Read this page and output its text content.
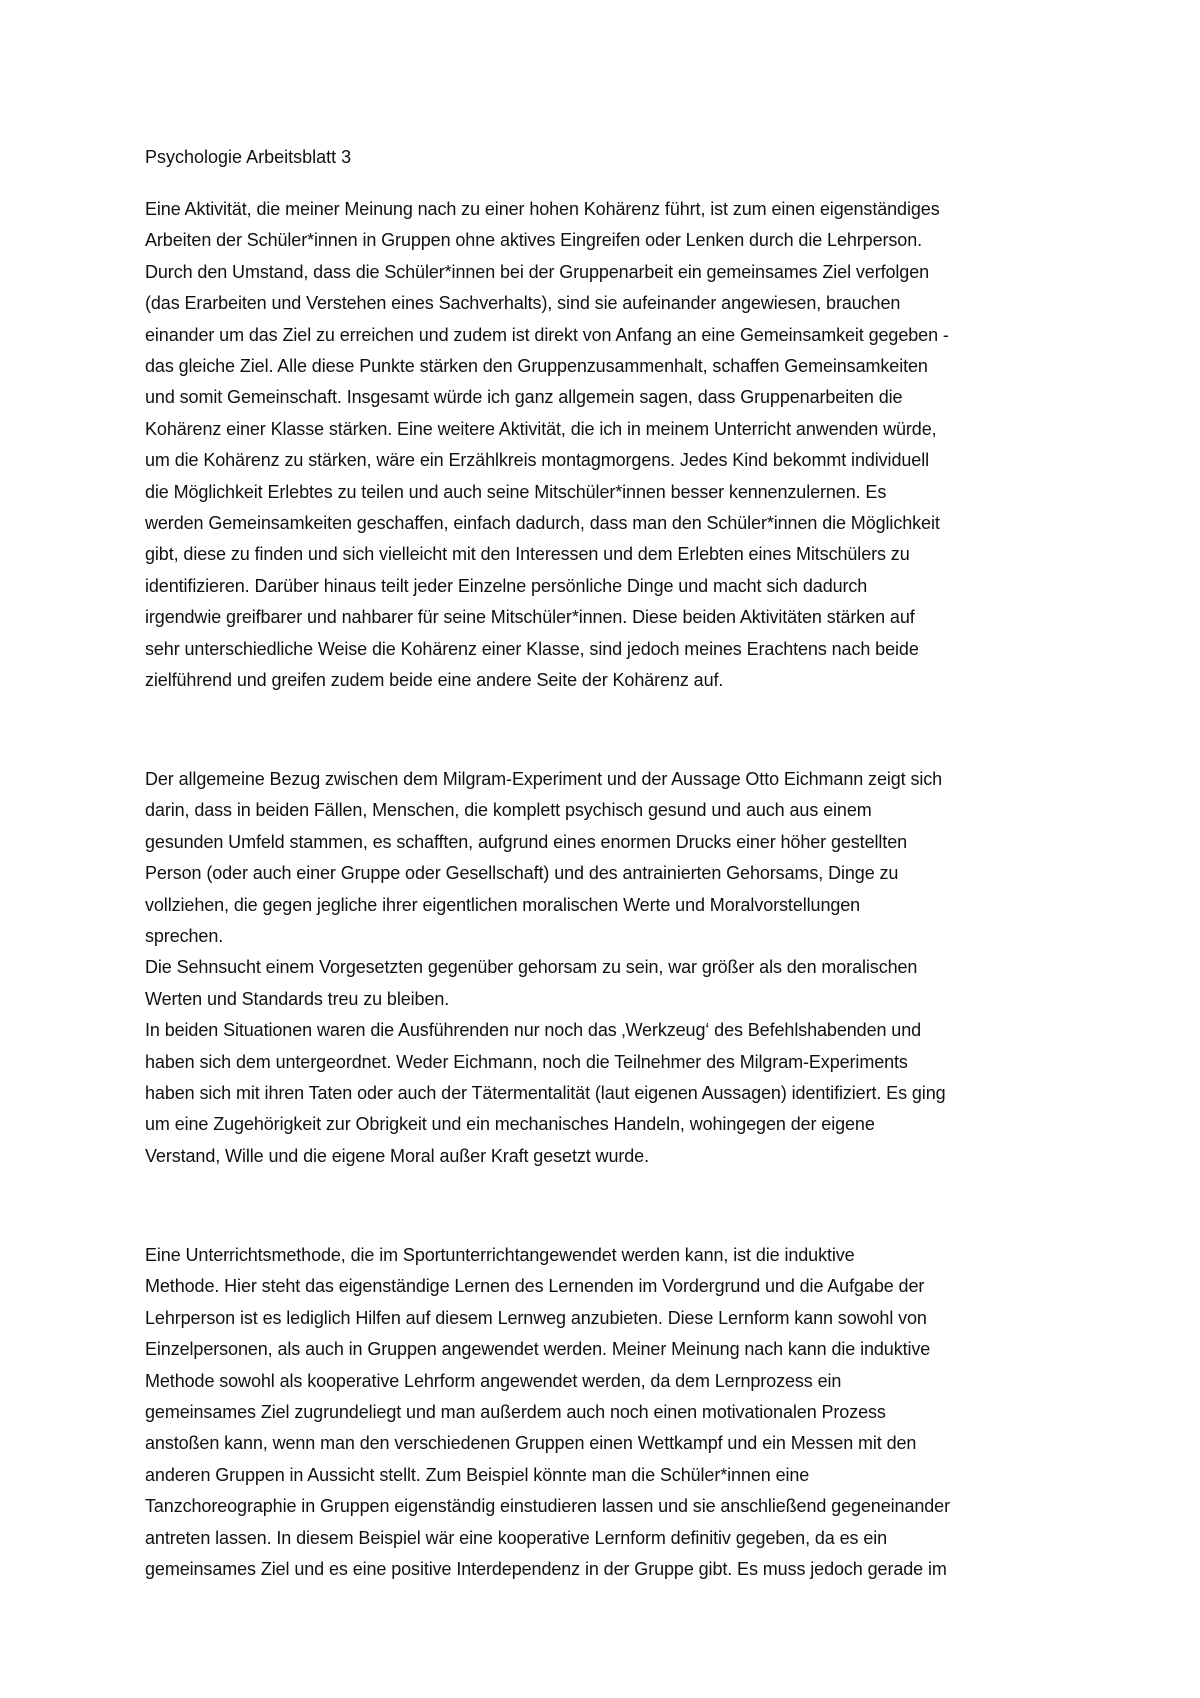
Psychologie Arbeitsblatt 3
Eine Aktivität, die meiner Meinung nach zu einer hohen Kohärenz führt, ist zum einen eigenständiges
Arbeiten der Schüler*innen in Gruppen ohne aktives Eingreifen oder Lenken durch die Lehrperson.
Durch den Umstand, dass die Schüler*innen bei der Gruppenarbeit ein gemeinsames Ziel verfolgen
(das Erarbeiten und Verstehen eines Sachverhalts), sind sie aufeinander angewiesen, brauchen
einander um das Ziel zu erreichen und zudem ist direkt von Anfang an eine Gemeinsamkeit gegeben -
das gleiche Ziel. Alle diese Punkte stärken den Gruppenzusammenhalt, schaffen Gemeinsamkeiten
und somit Gemeinschaft. Insgesamt würde ich ganz allgemein sagen, dass Gruppenarbeiten die
Kohärenz einer Klasse stärken. Eine weitere Aktivität, die ich in meinem Unterricht anwenden würde,
um die Kohärenz zu stärken, wäre ein Erzählkreis montagmorgens. Jedes Kind bekommt individuell
die Möglichkeit Erlebtes zu teilen und auch seine Mitschüler*innen besser kennenzulernen. Es
werden Gemeinsamkeiten geschaffen, einfach dadurch, dass man den Schüler*innen die Möglichkeit
gibt, diese zu finden und sich vielleicht mit den Interessen und dem Erlebten eines Mitschülers zu
identifizieren. Darüber hinaus teilt jeder Einzelne persönliche Dinge und macht sich dadurch
irgendwie greifbarer und nahbarer für seine Mitschüler*innen. Diese beiden Aktivitäten stärken auf
sehr unterschiedliche Weise die Kohärenz einer Klasse, sind jedoch meines Erachtens nach beide
zielführend und greifen zudem beide eine andere Seite der Kohärenz auf.
Der allgemeine Bezug zwischen dem Milgram-Experiment und der Aussage Otto Eichmann zeigt sich
darin, dass in beiden Fällen, Menschen, die komplett psychisch gesund und auch aus einem
gesunden Umfeld stammen, es schafften, aufgrund eines enormen Drucks einer höher gestellten
Person (oder auch einer Gruppe oder Gesellschaft) und des antrainierten Gehorsams, Dinge zu
vollziehen, die gegen jegliche ihrer eigentlichen moralischen Werte und Moralvorstellungen
sprechen.
Die Sehnsucht einem Vorgesetzten gegenüber gehorsam zu sein, war größer als den moralischen
Werten und Standards treu zu bleiben.
In beiden Situationen waren die Ausführenden nur noch das ‚Werkzeug‘ des Befehlshabenden und
haben sich dem untergeordnet. Weder Eichmann, noch die Teilnehmer des Milgram-Experiments
haben sich mit ihren Taten oder auch der Tätermentalität (laut eigenen Aussagen) identifiziert. Es ging
um eine Zugehörigkeit zur Obrigkeit und ein mechanisches Handeln, wohingegen der eigene
Verstand, Wille und die eigene Moral außer Kraft gesetzt wurde.
Eine Unterrichtsmethode, die im Sportunterrichtangewendet werden kann, ist die induktive
Methode. Hier steht das eigenständige Lernen des Lernenden im Vordergrund und die Aufgabe der
Lehrperson ist es lediglich Hilfen auf diesem Lernweg anzubieten. Diese Lernform kann sowohl von
Einzelpersonen, als auch in Gruppen angewendet werden. Meiner Meinung nach kann die induktive
Methode sowohl als kooperative Lehrform angewendet werden, da dem Lernprozess ein
gemeinsames Ziel zugrundeliegt und man außerdem auch noch einen motivationalen Prozess
anstoßen kann, wenn man den verschiedenen Gruppen einen Wettkampf und ein Messen mit den
anderen Gruppen in Aussicht stellt. Zum Beispiel könnte man die Schüler*innen eine
Tanzchoreographie in Gruppen eigenständig einstudieren lassen und sie anschließend gegeneinander
antreten lassen. In diesem Beispiel wär eine kooperative Lernform definitiv gegeben, da es ein
gemeinsames Ziel und es eine positive Interdependenz in der Gruppe gibt. Es muss jedoch gerade im
